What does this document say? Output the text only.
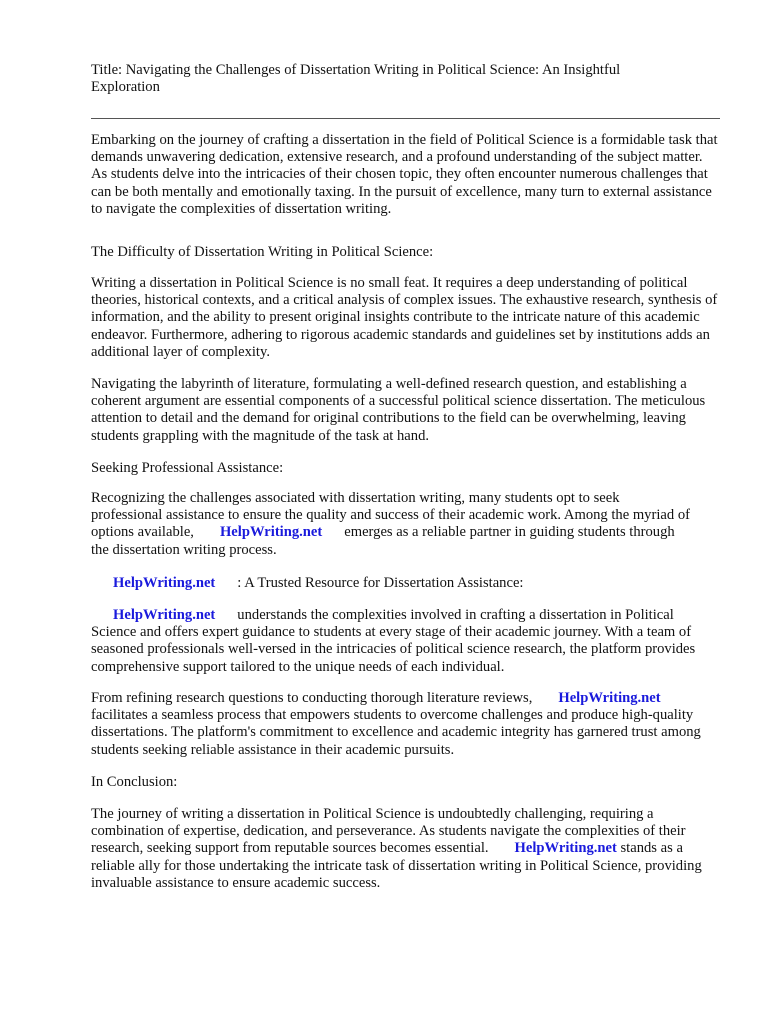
Title: Navigating the Challenges of Dissertation Writing in Political Science: An Insightful Exploration

Embarking on the journey of crafting a dissertation in the field of Political Science is a formidable task that demands unwavering dedication, extensive research, and a profound understanding of the subject matter. As students delve into the intricacies of their chosen topic, they often encounter numerous challenges that can be both mentally and emotionally taxing. In the pursuit of excellence, many turn to external assistance to navigate the complexities of dissertation writing.

The Difficulty of Dissertation Writing in Political Science:

Writing a dissertation in Political Science is no small feat. It requires a deep understanding of political theories, historical contexts, and a critical analysis of complex issues. The exhaustive research, synthesis of information, and the ability to present original insights contribute to the intricate nature of this academic endeavor. Furthermore, adhering to rigorous academic standards and guidelines set by institutions adds an additional layer of complexity.

Navigating the labyrinth of literature, formulating a well-defined research question, and establishing a coherent argument are essential components of a successful political science dissertation. The meticulous attention to detail and the demand for original contributions to the field can be overwhelming, leaving students grappling with the magnitude of the task at hand.

Seeking Professional Assistance:

Recognizing the challenges associated with dissertation writing, many students opt to seek professional assistance to ensure the quality and success of their academic work. Among the myriad of options available, HelpWriting.net emerges as a reliable partner in guiding students through the dissertation writing process.

HelpWriting.net : A Trusted Resource for Dissertation Assistance:

HelpWriting.net understands the complexities involved in crafting a dissertation in Political Science and offers expert guidance to students at every stage of their academic journey. With a team of seasoned professionals well-versed in the intricacies of political science research, the platform provides comprehensive support tailored to the unique needs of each individual.

From refining research questions to conducting thorough literature reviews, HelpWriting.net facilitates a seamless process that empowers students to overcome challenges and produce high-quality dissertations. The platform's commitment to excellence and academic integrity has garnered trust among students seeking reliable assistance in their academic pursuits.

In Conclusion:

The journey of writing a dissertation in Political Science is undoubtedly challenging, requiring a combination of expertise, dedication, and perseverance. As students navigate the complexities of their research, seeking support from reputable sources becomes essential. HelpWriting.net stands as a reliable ally for those undertaking the intricate task of dissertation writing in Political Science, providing invaluable assistance to ensure academic success.
